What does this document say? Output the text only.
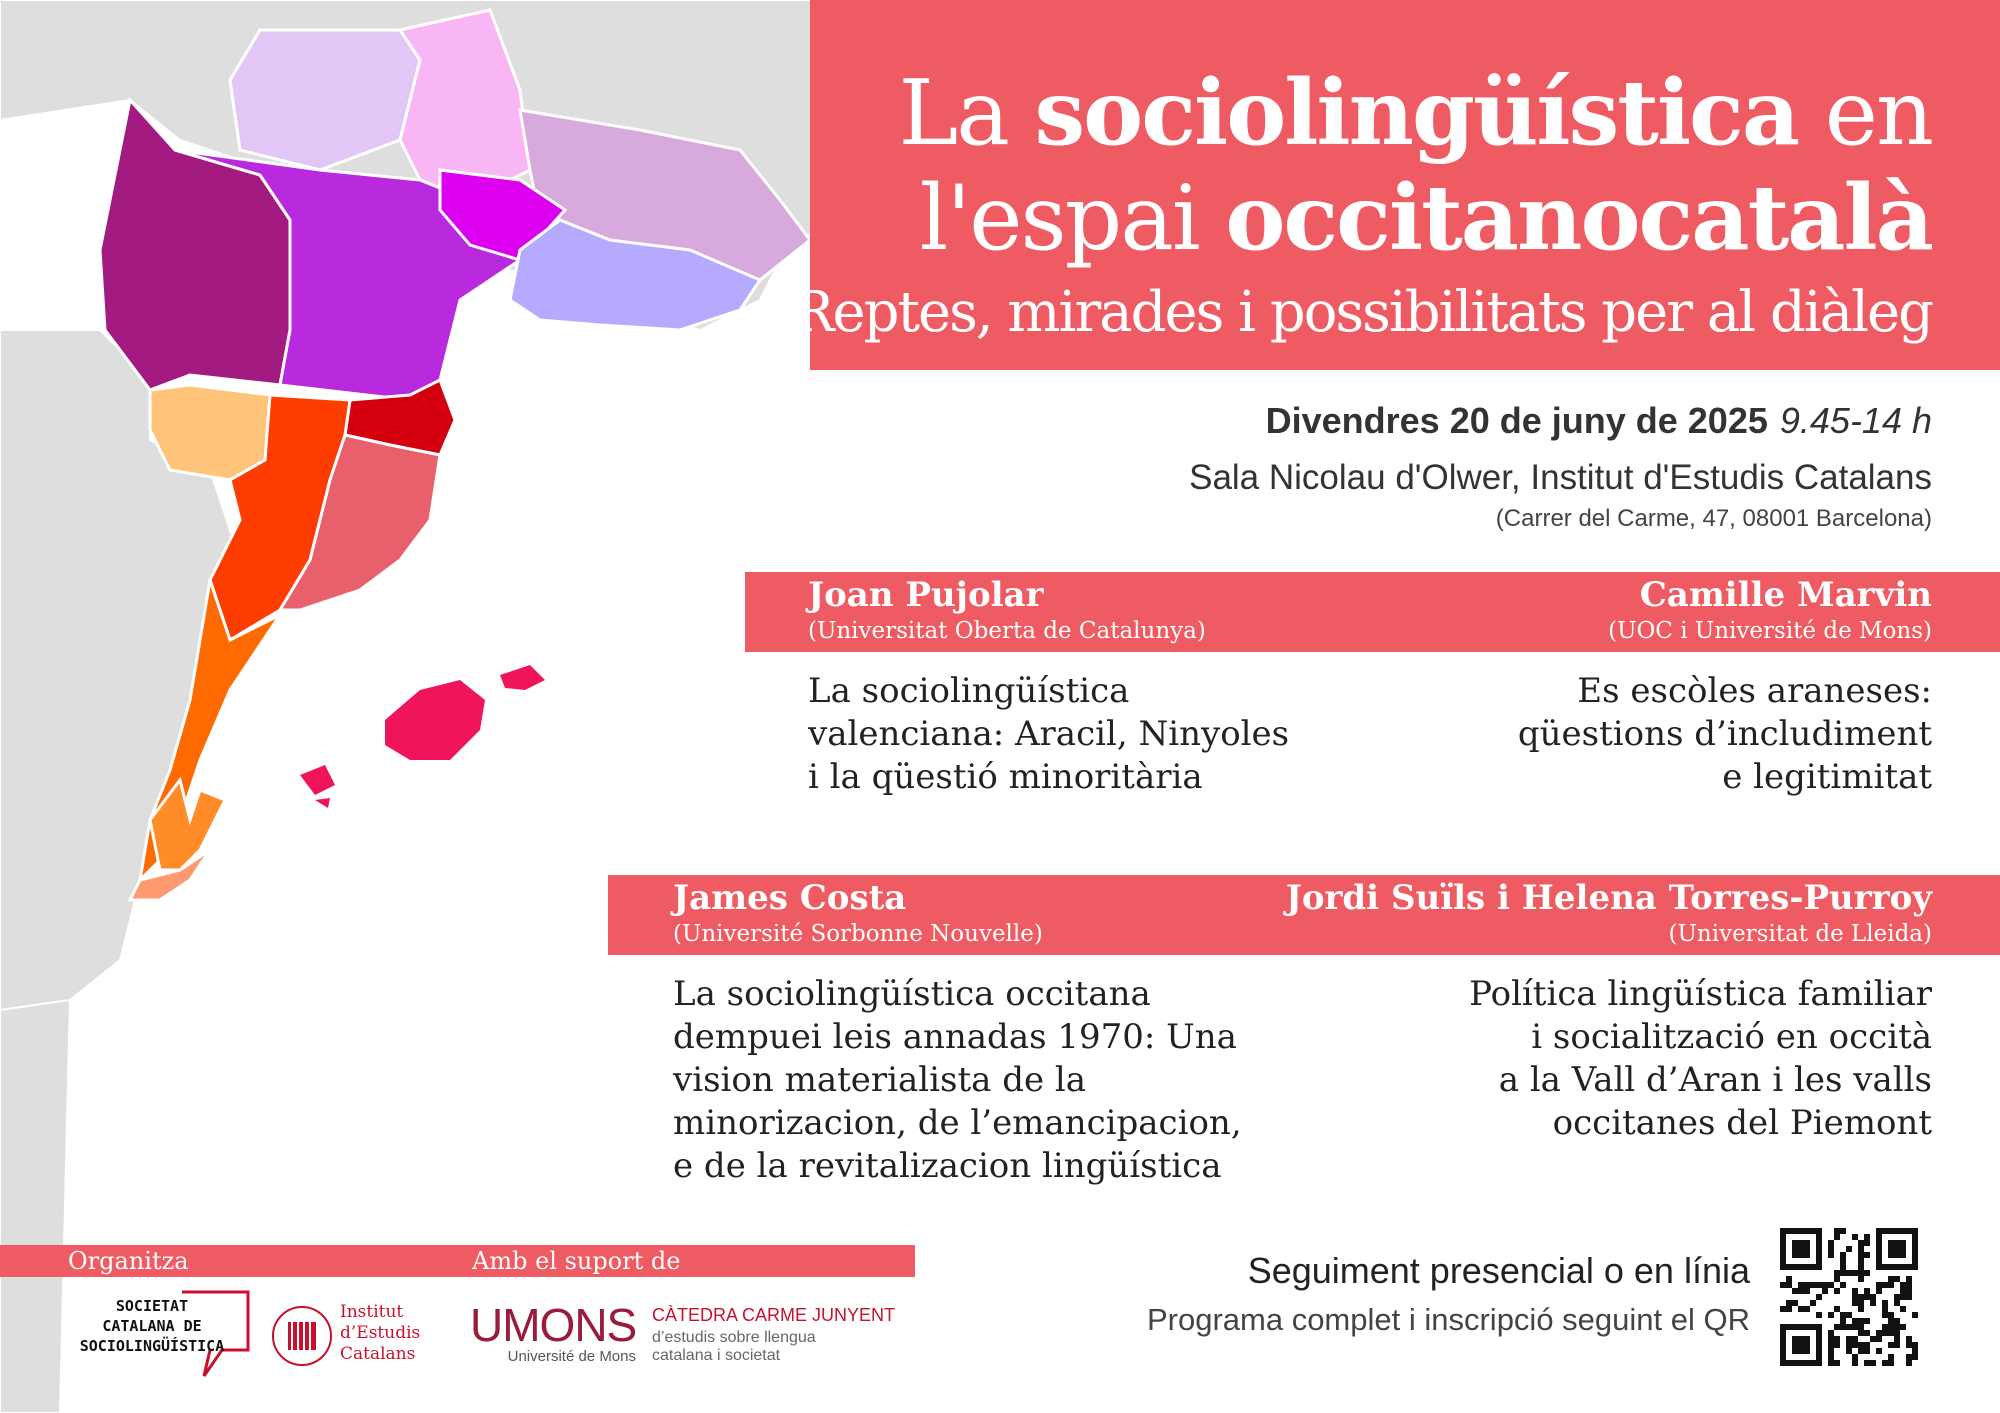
La sociolingüística en
l'espai occitanocatalà
Reptes, mirades i possibilitats per al diàleg
Divendres 20 de juny de 2025 9.45-14 h
Sala Nicolau d'Olwer, Institut d'Estudis Catalans
(Carrer del Carme, 47, 08001 Barcelona)
Joan Pujolar
(Universitat Oberta de Catalunya)
Camille Marvin
(UOC i Université de Mons)
La sociolingüística
valenciana: Aracil, Ninyoles
i la qüestió minoritària
Es escòles araneses:
qüestions d’includiment
e legitimitat
James Costa
(Université Sorbonne Nouvelle)
Jordi Suïls i Helena Torres-Purroy
(Universitat de Lleida)
La sociolingüística occitana
dempuei leis annadas 1970: Una
vision materialista de la
minorizacion, de l’emancipacion,
e de la revitalizacion lingüística
Política lingüística familiar
i socialització en occità
a la Vall d’Aran i les valls
occitanes del Piemont
Organitza	Amb el suport de
SOCIETAT
CATALANA DE
SOCIOLINGÜÍSTICA
Institut
d’Estudis
Catalans
UMONS
Université de Mons
CÀTEDRA CARME JUNYENT
d’estudis sobre llengua
catalana i societat
Seguiment presencial o en línia
Programa complet i inscripció seguint el QR
